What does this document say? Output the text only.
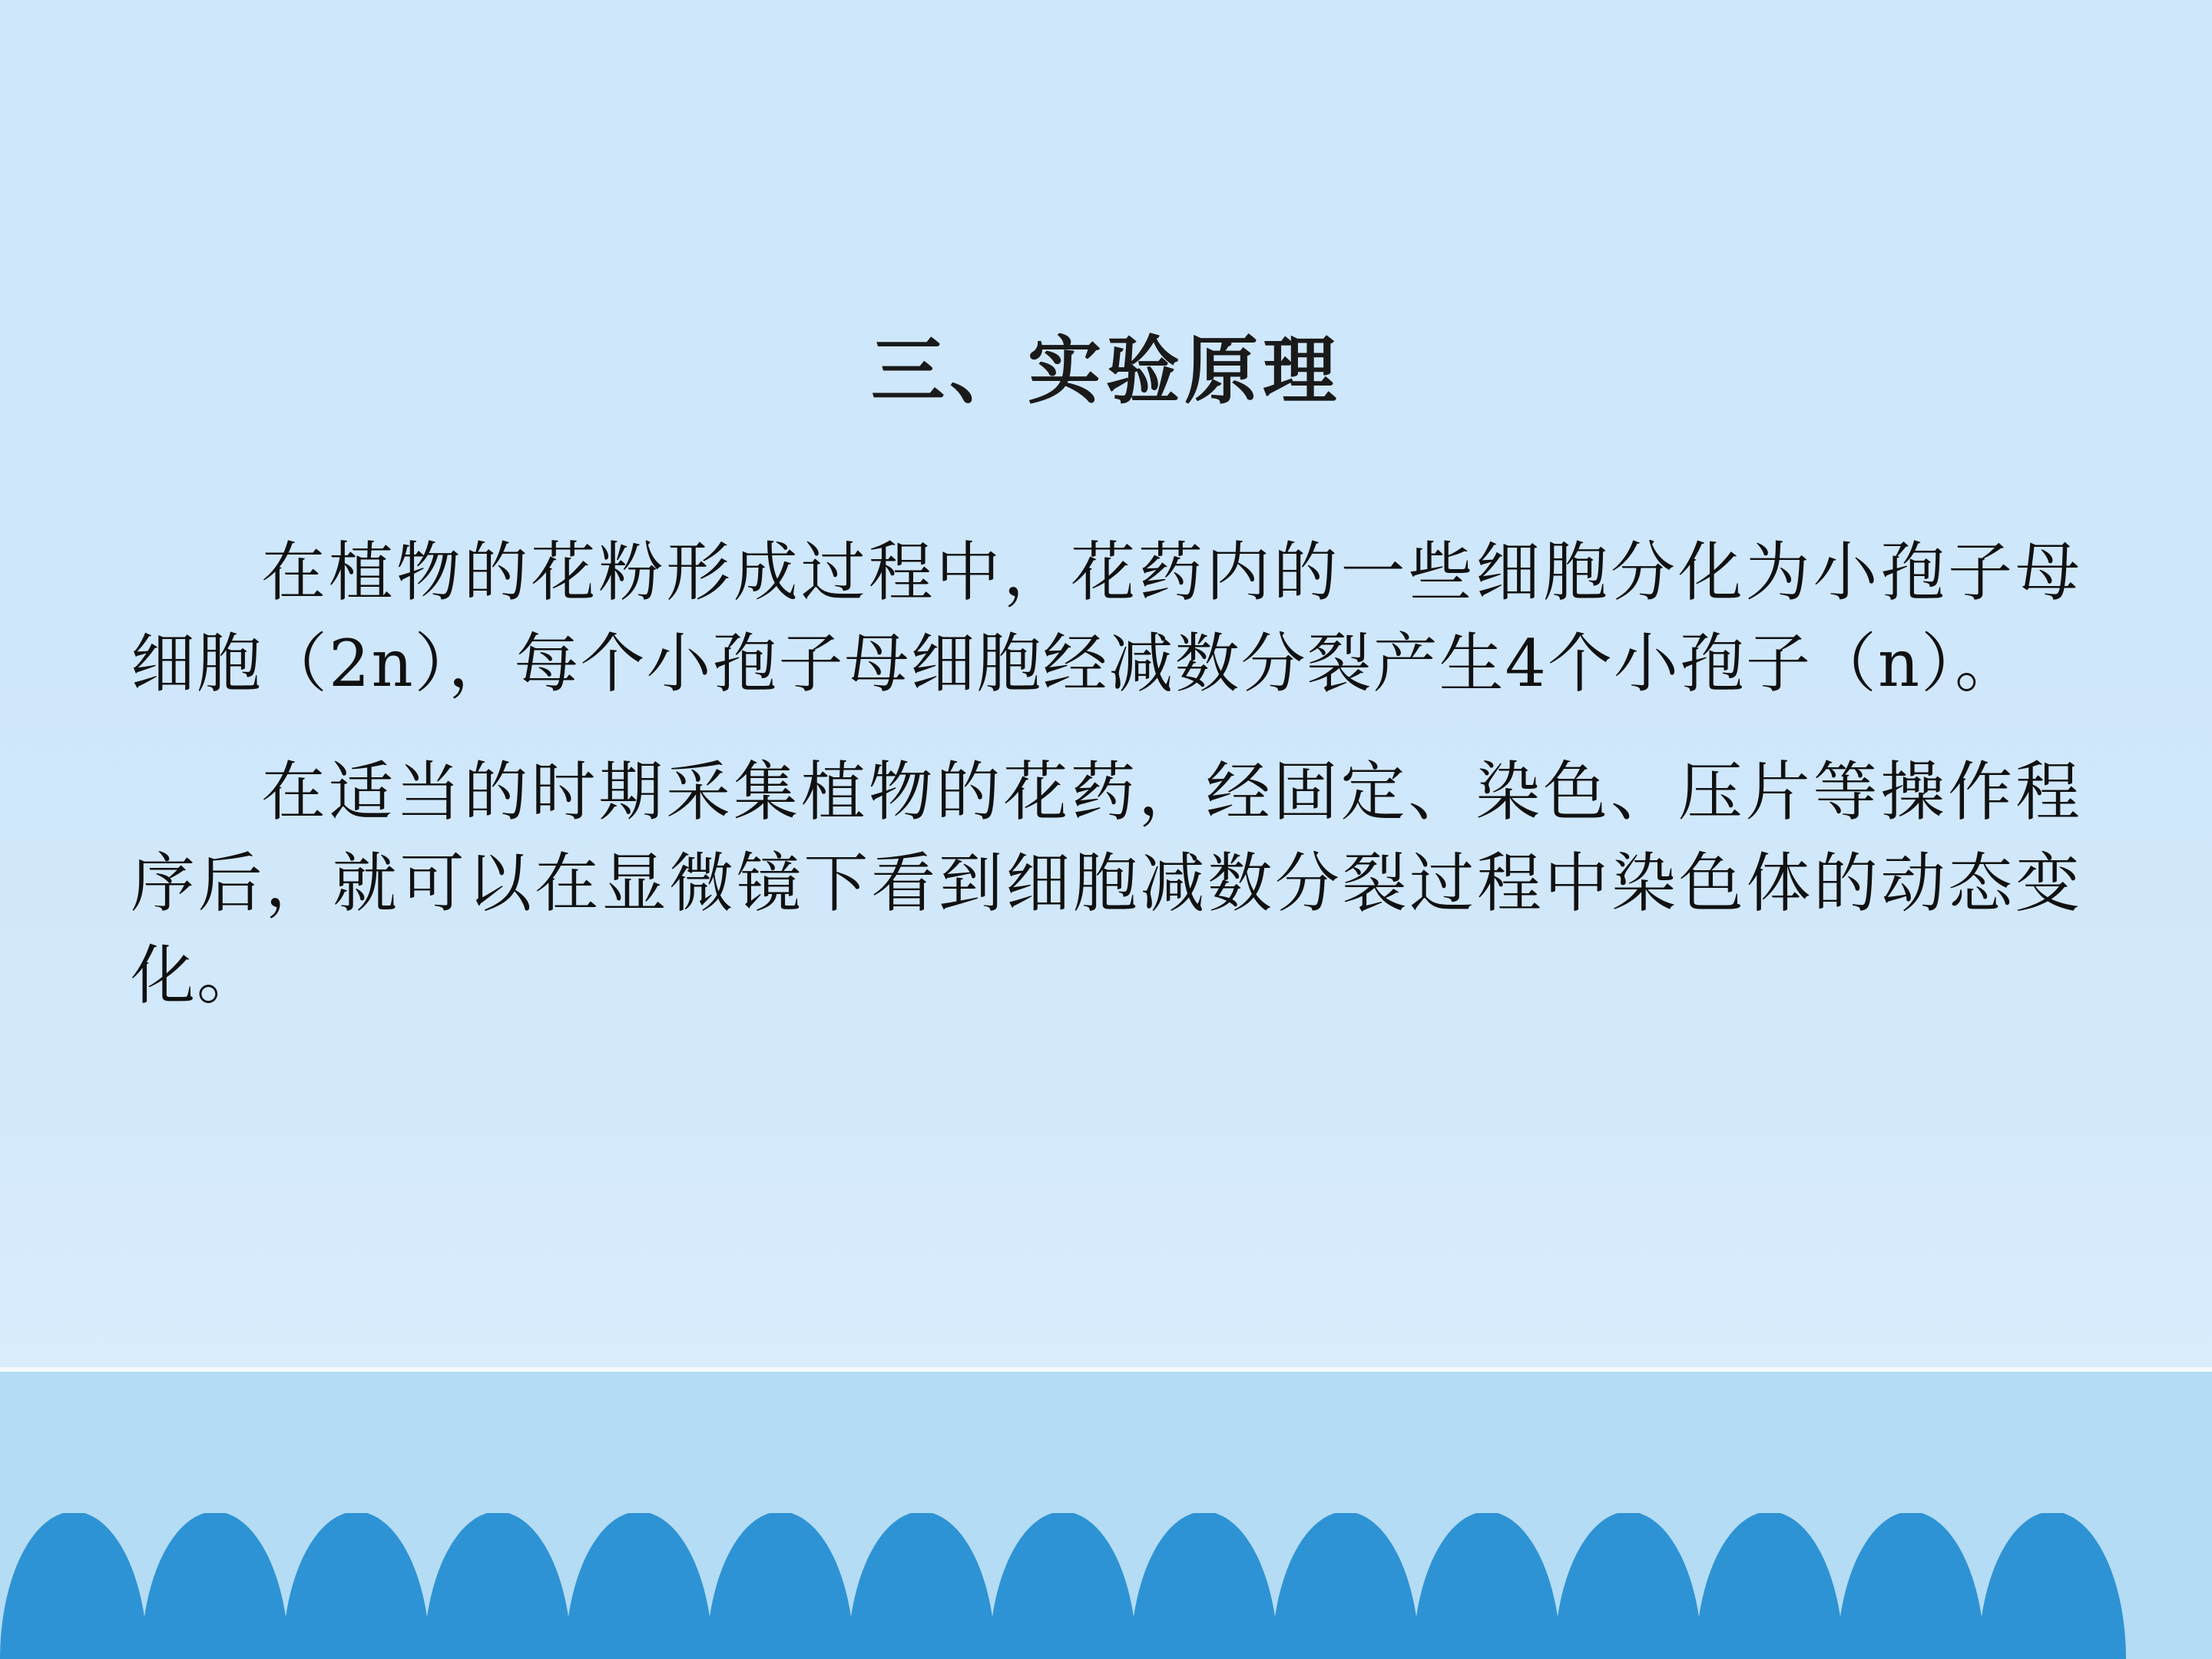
三、实验原理

在植物的花粉形成过程中，花药内的一些细胞分化为小孢子母细胞（2n），每个小孢子母细胞经减数分裂产生4个小孢子（n）。

在适当的时期采集植物的花药，经固定、染色、压片等操作程序后，就可以在显微镜下看到细胞减数分裂过程中染色体的动态变化。
